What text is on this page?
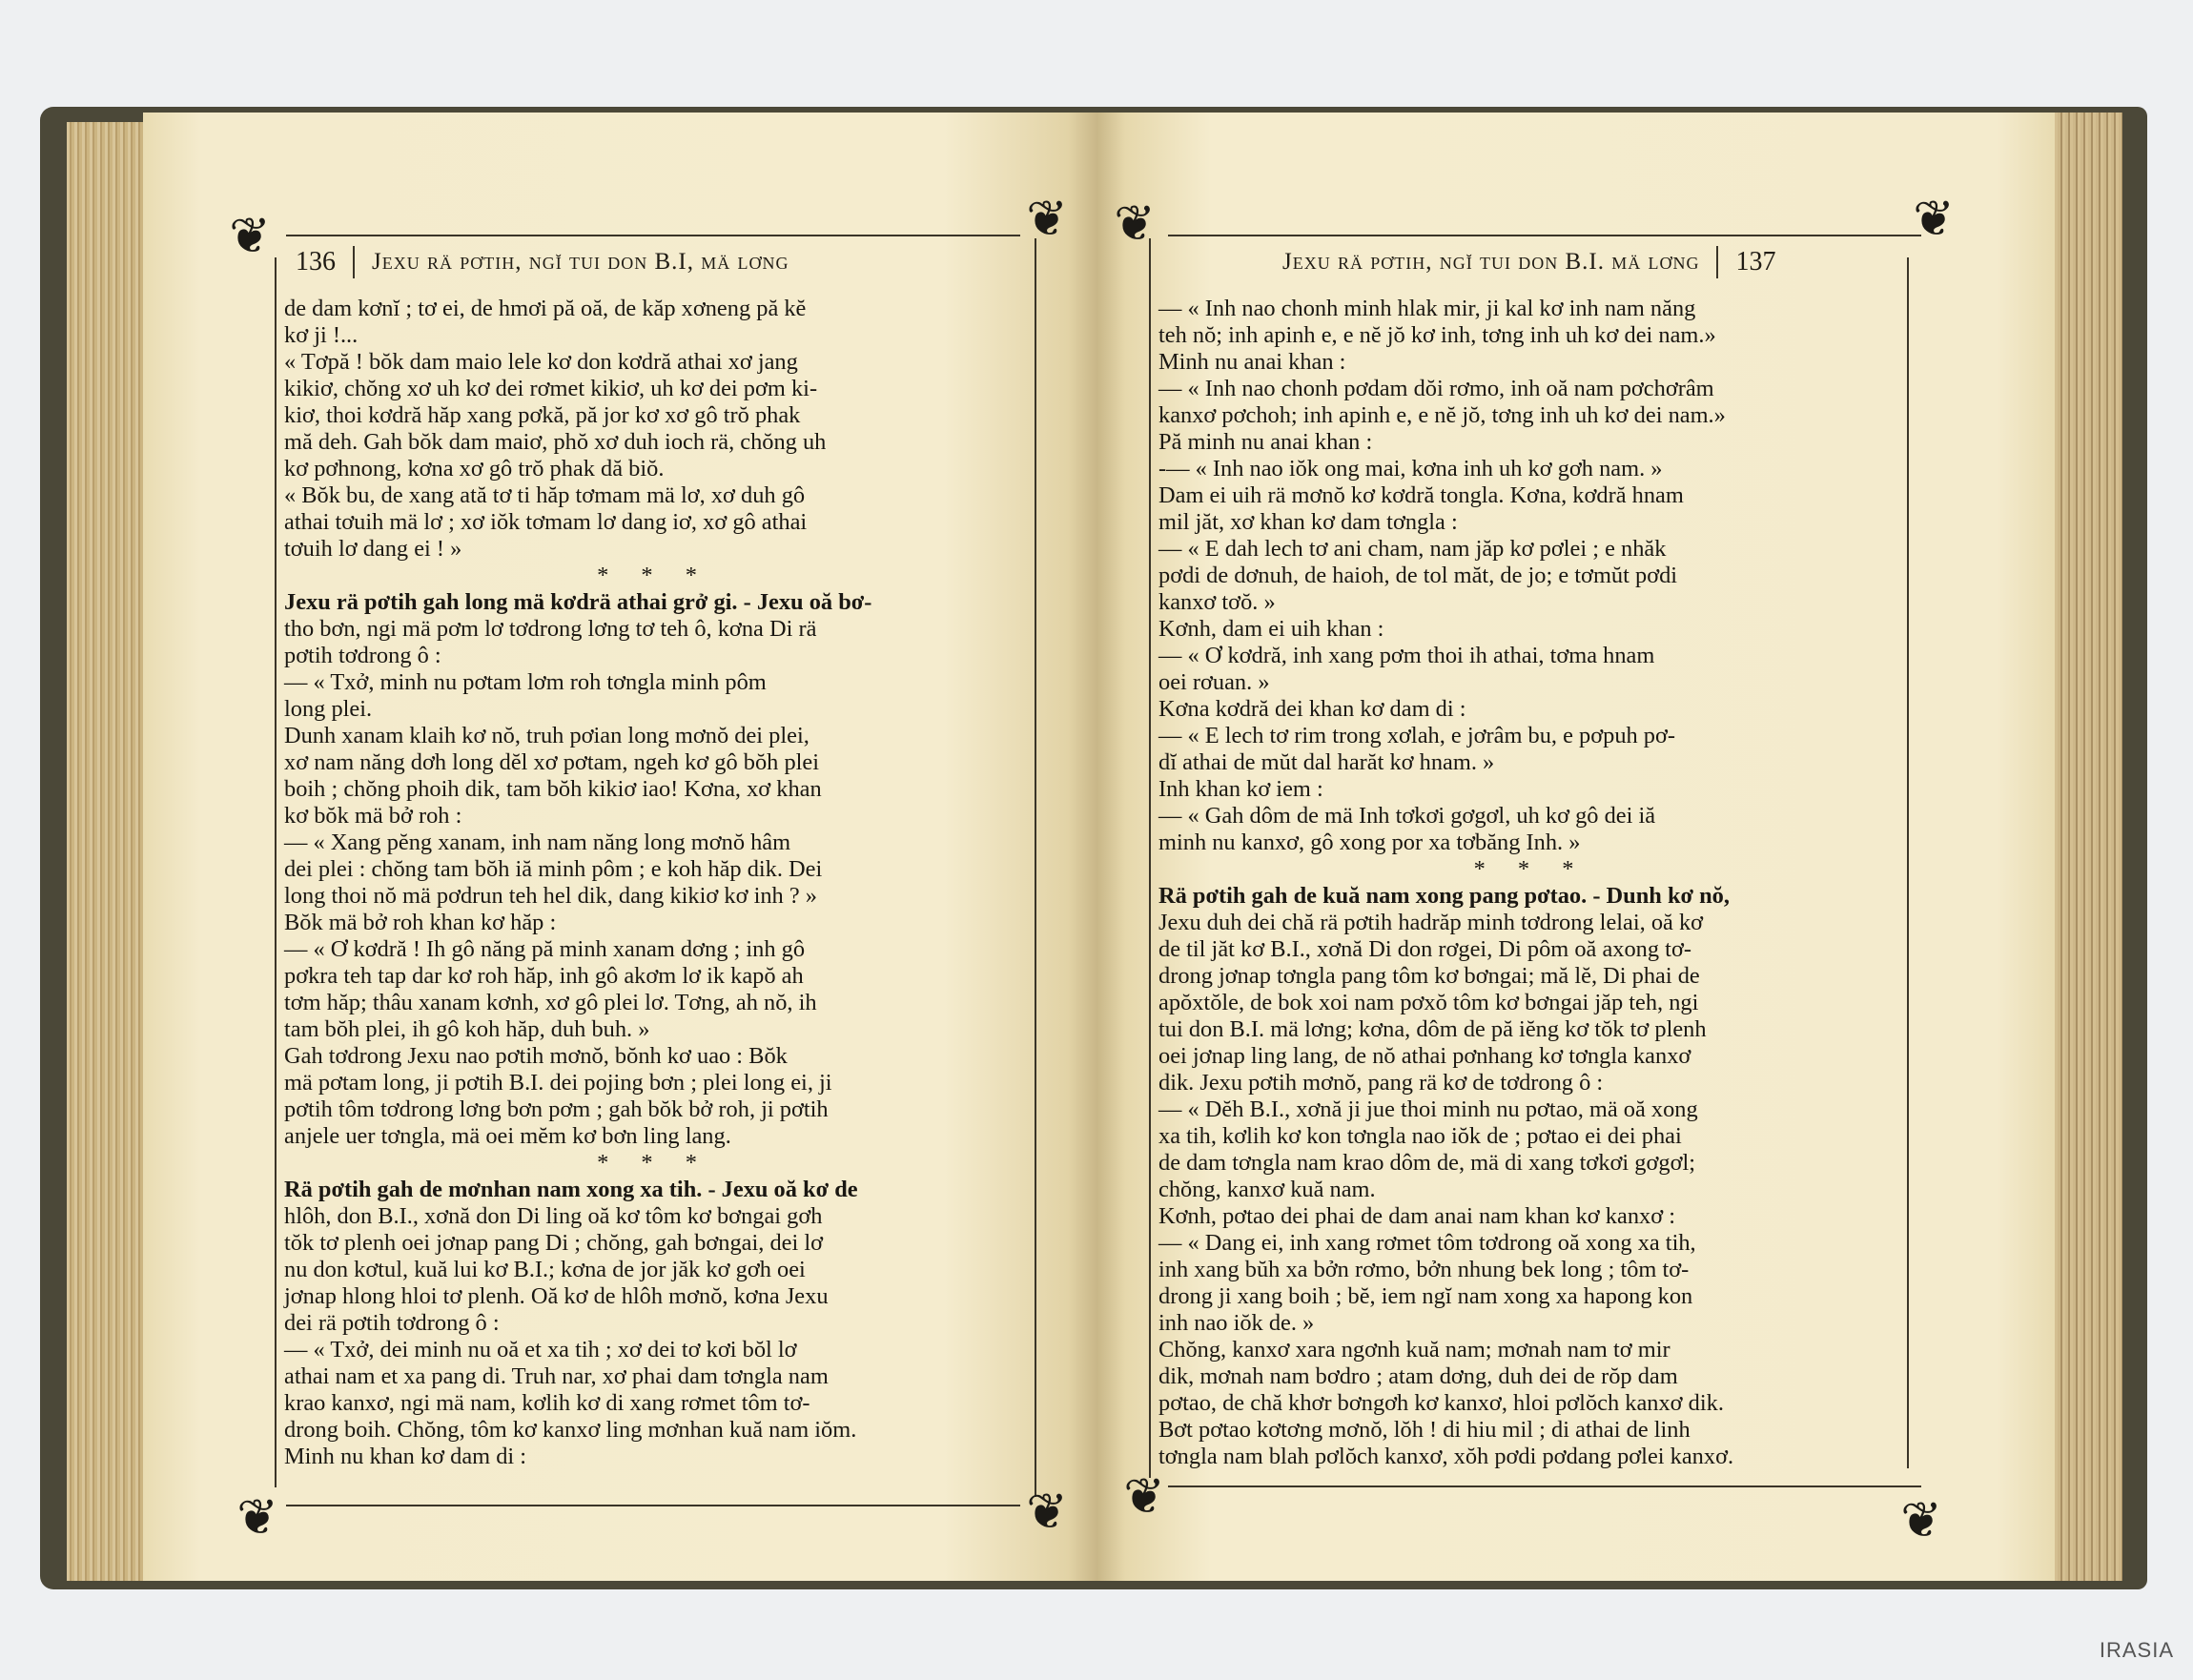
❦	❦
❦	❦
136 Jexu rä pơtih, ngĭ tui don B.I, mä lơng
de dam kơnĭ ; tơ ei, de hmơi pă oă, de kăp xơneng pă kĕ
kơ ji !...
« Tơpă ! bŏk dam maio lele kơ don kơdră athai xơ jang
kikiơ, chŏng xơ uh kơ dei rơmet kikiơ, uh kơ dei pơm ki-
kiơ, thoi kơdră hăp xang pơkă, pă jor kơ xơ gô trŏ phak
mă deh. Gah bŏk dam maiơ, phŏ xơ duh ioch rä, chŏng uh
kơ pơhnong, kơna xơ gô trŏ phak dă biŏ.
« Bŏk bu, de xang ată tơ ti hăp tơmam mä lơ, xơ duh gô
athai tơuih mä lơ ; xơ iŏk tơmam lơ dang iơ, xơ gô athai
tơuih lơ dang ei ! »
* * *
Jexu rä pơtih gah long mä kơdrä athai grở gi. - Jexu oă bơ-
tho bơn, ngi mä pơm lơ tơdrong lơng tơ teh ô, kơna Di rä
pơtih tơdrong ô :
— « Txở, minh nu pơtam lơm roh tơngla minh pôm
long plei.
Dunh xanam klaih kơ nŏ, truh pơian long mơnŏ dei plei,
xơ nam năng dơh long dĕl xơ pơtam, ngeh kơ gô bŏh plei
boih ; chŏng phoih dik, tam bŏh kikiơ iao! Kơna, xơ khan
kơ bŏk mä bở roh :
— « Xang pĕng xanam, inh nam năng long mơnŏ hâm
dei plei : chŏng tam bŏh iă minh pôm ; e koh hăp dik. Dei
long thoi nŏ mä pơdrun teh hel dik, dang kikiơ kơ inh ? »
Bŏk mä bở roh khan kơ hăp :
— « Ơ kơdră ! Ih gô năng pă minh xanam dơng ; inh gô
pơkra teh tap dar kơ roh hăp, inh gô akơm lơ ik kapŏ ah
tơm hăp; thâu xanam kơnh, xơ gô plei lơ. Tơng, ah nŏ, ih
tam bŏh plei, ih gô koh hăp, duh buh. »
Gah tơdrong Jexu nao pơtih mơnŏ, bŏnh kơ uao : Bŏk
mä pơtam long, ji pơtih B.I. dei pojing bơn ; plei long ei, ji
pơtih tôm tơdrong lơng bơn pơm ; gah bŏk bở roh, ji pơtih
anjele uer tơngla, mä oei mĕm kơ bơn ling lang.
* * *
Rä pơtih gah de mơnhan nam xong xa tih. - Jexu oă kơ de
hlôh, don B.I., xơnă don Di ling oă kơ tôm kơ bơngai gơh
tŏk tơ plenh oei jơnap pang Di ; chŏng, gah bơngai, dei lơ
nu don kơtul, kuă lui kơ B.I.; kơna de jor jăk kơ gơh oei
jơnap hlong hloi tơ plenh. Oă kơ de hlôh mơnŏ, kơna Jexu
dei rä pơtih tơdrong ô :
— « Txở, dei minh nu oă et xa tih ; xơ dei tơ kơi bŏl lơ
athai nam et xa pang di. Truh nar, xơ phai dam tơngla nam
krao kanxơ, ngi mä nam, kơlih kơ di xang rơmet tôm tơ-
drong boih. Chŏng, tôm kơ kanxơ ling mơnhan kuă nam iŏm.
Minh nu khan kơ dam di :
❦	❦
❦	❦
Jexu rä pơtih, ngĭ tui don B.I. mä lơng 137
— « Inh nao chonh minh hlak mir, ji kal kơ inh nam năng
teh nŏ; inh apinh e, e nĕ jŏ kơ inh, tơng inh uh kơ dei nam.»
Minh nu anai khan :
— « Inh nao chonh pơdam dŏi rơmo, inh oă nam pơchơrâm
kanxơ pơchoh; inh apinh e, e nĕ jŏ, tơng inh uh kơ dei nam.»
Pă minh nu anai khan :
-— « Inh nao iŏk ong mai, kơna inh uh kơ gơh nam. »
Dam ei uih rä mơnŏ kơ kơdră tongla. Kơna, kơdră hnam
mil jăt, xơ khan kơ dam tơngla :
— « E dah lech tơ ani cham, nam jăp kơ pơlei ; e nhăk
pơdi de dơnuh, de haioh, de tol măt, de jo; e tơmŭt pơdi
kanxơ tơŏ. »
Kơnh, dam ei uih khan :
— « Ơ kơdră, inh xang pơm thoi ih athai, tơma hnam
oei rơuan. »
Kơna kơdră dei khan kơ dam di :
— « E lech tơ rim trong xơlah, e jơrâm bu, e pơpuh pơ-
dĭ athai de mŭt dal harăt kơ hnam. »
Inh khan kơ iem :
— « Gah dôm de mä Inh tơkơi gơgơl, uh kơ gô dei iă
minh nu kanxơ, gô xong por xa tơbăng Inh. »
* * *
Rä pơtih gah de kuă nam xong pang pơtao. - Dunh kơ nŏ,
Jexu duh dei chă rä pơtih hadrăp minh tơdrong lelai, oă kơ
de til jăt kơ B.I., xơnă Di don rơgei, Di pôm oă axong tơ-
drong jơnap tơngla pang tôm kơ bơngai; mă lĕ, Di phai de
apŏxtŏle, de bok xoi nam pơxŏ tôm kơ bơngai jăp teh, ngi
tui don B.I. mä lơng; kơna, dôm de pă iĕng kơ tŏk tơ plenh
oei jơnap ling lang, de nŏ athai pơnhang kơ tơngla kanxơ
dik. Jexu pơtih mơnŏ, pang rä kơ de tơdrong ô :
— « Dĕh B.I., xơnă ji jue thoi minh nu pơtao, mä oă xong
xa tih, kơlih kơ kon tơngla nao iŏk de ; pơtao ei dei phai
de dam tơngla nam krao dôm de, mä di xang tơkơi gơgơl;
chŏng, kanxơ kuă nam.
Kơnh, pơtao dei phai de dam anai nam khan kơ kanxơ :
— « Dang ei, inh xang rơmet tôm tơdrong oă xong xa tih,
inh xang bŭh xa bởn rơmo, bởn nhung bek long ; tôm tơ-
drong ji xang boih ; bĕ, iem ngĭ nam xong xa hapong kon
inh nao iŏk de. »
Chŏng, kanxơ xara ngơnh kuă nam; mơnah nam tơ mir
dik, mơnah nam bơdro ; atam dơng, duh dei de rŏp dam
pơtao, de chă khơr bơngơh kơ kanxơ, hloi pơlŏch kanxơ dik.
Bơt pơtao kơtơng mơnŏ, lŏh ! di hiu mil ; di athai de linh
tơngla nam blah pơlŏch kanxơ, xŏh pơdi pơdang pơlei kanxơ.
IRASIA
